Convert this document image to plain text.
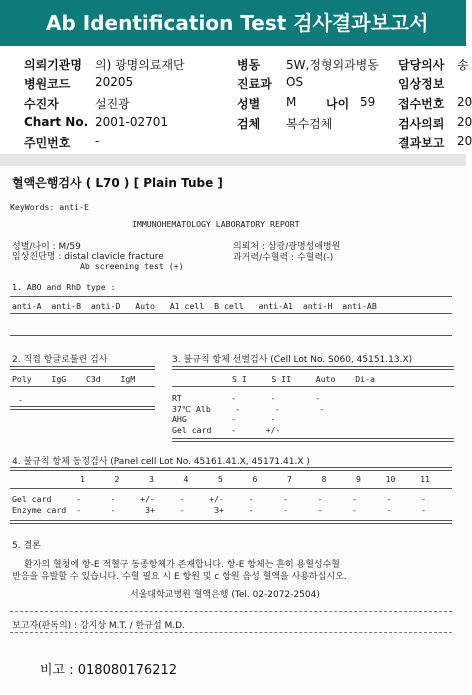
Ab Identification Test 검사결과보고서
의뢰기관명 의) 광명의료재단
병원코드 20205
수진자	설진광
Chart No. 2001-02701
주민번호 -
병동 5W,정형외과병동
진료과 OS
성별 M 나이 59
검체 복수검체
담당의사 송
임상정보
접수번호 20
검사의뢰 20
결과보고 20
혈액은행검사 ( L70 ) [ Plain Tube ]
KeyWords: anti-E
IMMUNOHEMATOLOGY LABORATORY REPORT
성별/나이 : M/59
임상진단명 : distal clavicle fracture
Ab screening test (+)
의뢰처 : 삼광/광명성애병원
과거력/수혈력 : 수혈력(-)
1. ABO and RhD type :
anti-A  anti-B  anti-D   Auto   A1 cell  B cell   anti-A1  anti-H  anti-AB
2. 직접 항글로불린 검사
Poly    IgG    C3d    IgM
-
3. 불규칙 항체 선별검사 (Cell Lot No. S060, 45151.13.X)
S I     S II     Auto    Di-a
RT          -       -        -
37℃ Alb     -       -        -
AHG         -       -
Gel card    -      +/-
4. 불규칙 항체 동정검사 (Panel cell Lot No. 45161.41.X, 45171.41.X )
1      2      3      4      5      6      7      8      9     10     11
Gel card     -      -     +/-     -     +/-     -      -      -      -      -      -
Enzyme card  -      -      3+     -      3+     -      -      -      -      -      -
5. 결론
환자의 혈청에 항-E 적혈구 동종항체가 존재합니다. 항-E 항체는 흔히 용혈성수혈
반응을 유발할 수 있습니다. 수혈 필요 시 E 항원 및 c 항원 음성 혈액을 사용하십시오.
서울대학교병원 혈액은행 (Tel. 02-2072-2504)
보고자(판독의) : 강지상 M.T. / 한규섭 M.D.
비고 : 018080176212
